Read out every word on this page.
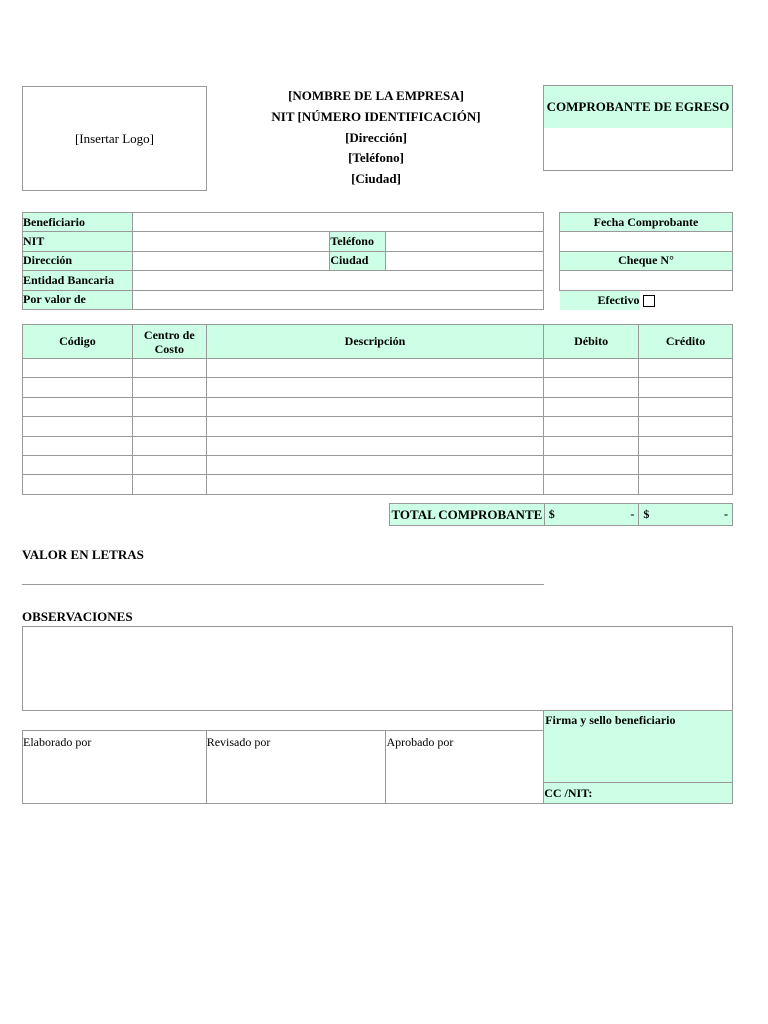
[Insertar Logo]
[NOMBRE DE LA EMPRESA]
NIT [NÚMERO IDENTIFICACIÓN]
[Dirección]
[Teléfono]
[Ciudad]
COMPROBANTE DE EGRESO
Beneficiario			
NIT		Teléfono	
Dirección		Ciudad	
Entidad Bancaria			
Por valor de			
Fecha Comprobante

Cheque N°

Efectivo
Código	Centro de Costo	Descripción	Débito	Crédito

TOTAL COMPROBANTE	$	-	$	-
VALOR EN LETRAS
OBSERVACIONES
			Firma y sello beneficiario
Elaborado por	Revisado por	Aprobado por	
			CC /NIT:
